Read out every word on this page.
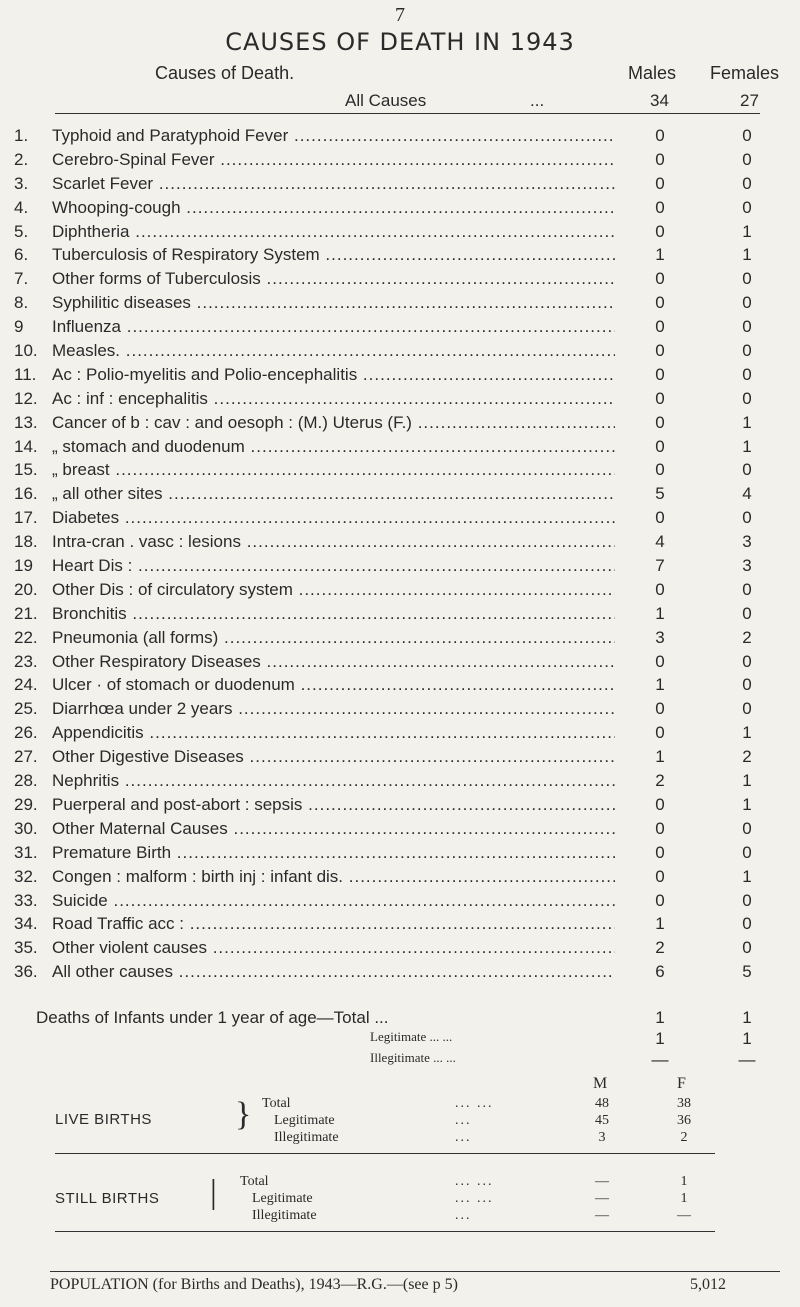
7
CAUSES OF DEATH IN 1943
Causes of Death.	Males Females
All Causes	...	34	27
1.	Typhoid and Paratyphoid Fever .....	0	0
2.	Cerebro-Spinal Fever .....	0	0
3.	Scarlet Fever .....	0	0
4.	Whooping-cough .....	0	0
5.	Diphtheria .....	0	1
6.	Tuberculosis of Respiratory System .....	1	1
7.	Other forms of Tuberculosis .....	0	0
8.	Syphilitic diseases .....	0	0
9	Influenza .....	0	0
10. Measles. .....	0	0
11. Ac : Polio-myelitis and Polio-encephalitis .....	0	0
12. Ac : inf : encephalitis .....	0	0
13. Cancer of b : cav : and oesoph : (M.) Uterus (F.) .....	0	1
14. „ stomach and duodenum .....	0	1
15. „ breast .....	0	0
16. „ all other sites .....	5	4
17. Diabetes .....	0	0
18. Intra-cran . vasc : lesions .....	4	3
19	Heart Dis : .....	7	3
20. Other Dis : of circulatory system .....	0	0
21. Bronchitis .....	1	0
22. Pneumonia (all forms) .....	3	2
23. Other Respiratory Diseases .....	0	0
24. Ulcer · of stomach or duodenum .....	1	0
25. Diarrhœa under 2 years .....	0	0
26. Appendicitis .....	0	1
27. Other Digestive Diseases .....	1	2
28. Nephritis .....	2	1
29. Puerperal and post-abort : sepsis .....	0	1
30. Other Maternal Causes .....	0	0
31. Premature Birth .....	0	0
32. Congen : malform : birth inj : infant dis. .....	0	1
33. Suicide .....	0	0
34. Road Traffic acc : .....	1	0
35. Other violent causes .....	2	0
36. All other causes .....	6	5
Deaths of Infants under 1 year of age—Total ...	1	1
Legitimate ... ...	1	1
Illegitimate ... ...	—	—
M	F
LIVE BIRTHS } Total	... ...	48	38
Legitimate	...	45	36
Illegitimate	...	3	2
STILL BIRTHS | Total	... ...	—	1
Legitimate	... ...	—	1
Illegitimate	...	—	—
POPULATION (for Births and Deaths), 1943—R.G.—(see p 5)	5,012
